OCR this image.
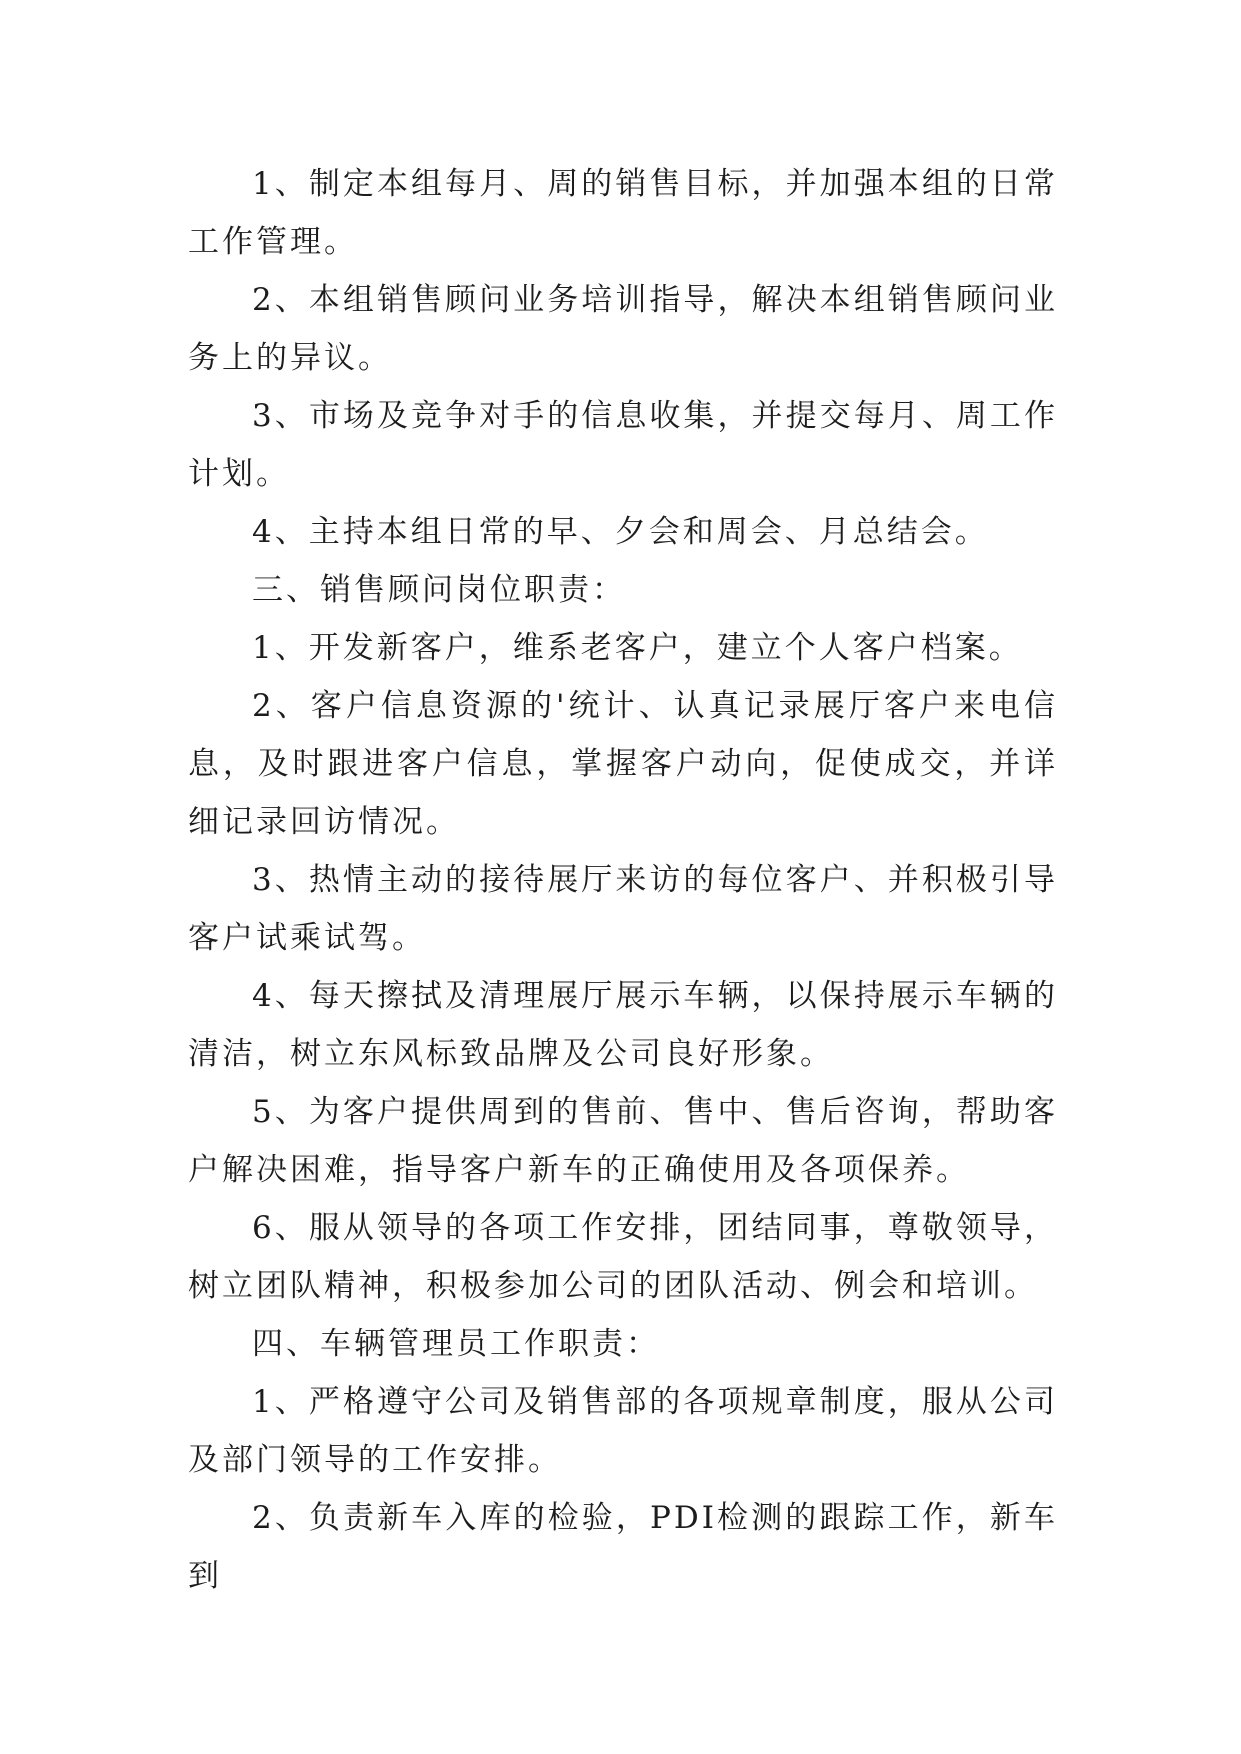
1、制定本组每月、周的销售目标，并加强本组的日常工作管理。

2、本组销售顾问业务培训指导，解决本组销售顾问业务上的异议。

3、市场及竞争对手的信息收集，并提交每月、周工作计划。

4、主持本组日常的早、夕会和周会、月总结会。

三、销售顾问岗位职责：

1、开发新客户，维系老客户，建立个人客户档案。

2、客户信息资源的'统计、认真记录展厅客户来电信息，及时跟进客户信息，掌握客户动向，促使成交，并详细记录回访情况。

3、热情主动的接待展厅来访的每位客户、并积极引导客户试乘试驾。

4、每天擦拭及清理展厅展示车辆，以保持展示车辆的清洁，树立东风标致品牌及公司良好形象。

5、为客户提供周到的售前、售中、售后咨询，帮助客户解决困难，指导客户新车的正确使用及各项保养。

6、服从领导的各项工作安排，团结同事，尊敬领导，树立团队精神，积极参加公司的团队活动、例会和培训。

四、车辆管理员工作职责：

1、严格遵守公司及销售部的各项规章制度，服从公司及部门领导的工作安排。

2、负责新车入库的检验，PDI检测的跟踪工作，新车到
